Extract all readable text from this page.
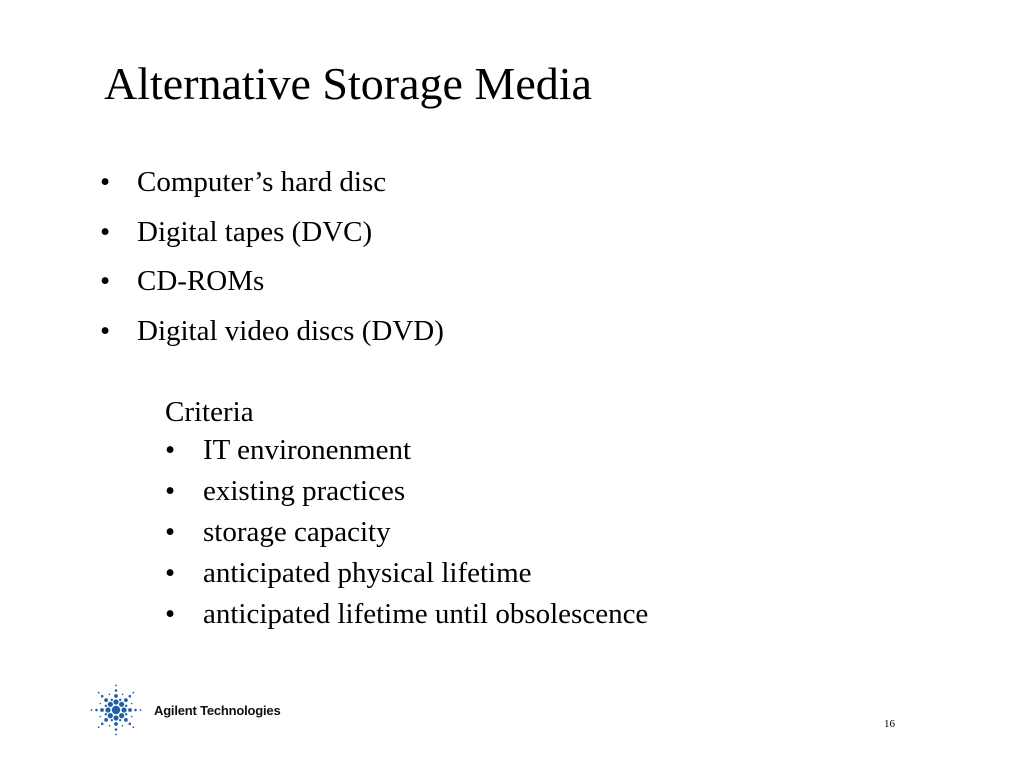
Alternative Storage Media
• Computer’s hard disc
• Digital tapes (DVC)
• CD-ROMs
• Digital video discs (DVD)
Criteria
• IT environenment
• existing practices
• storage capacity
• anticipated physical lifetime
• anticipated lifetime until obsolescence
Agilent Technologies
16
